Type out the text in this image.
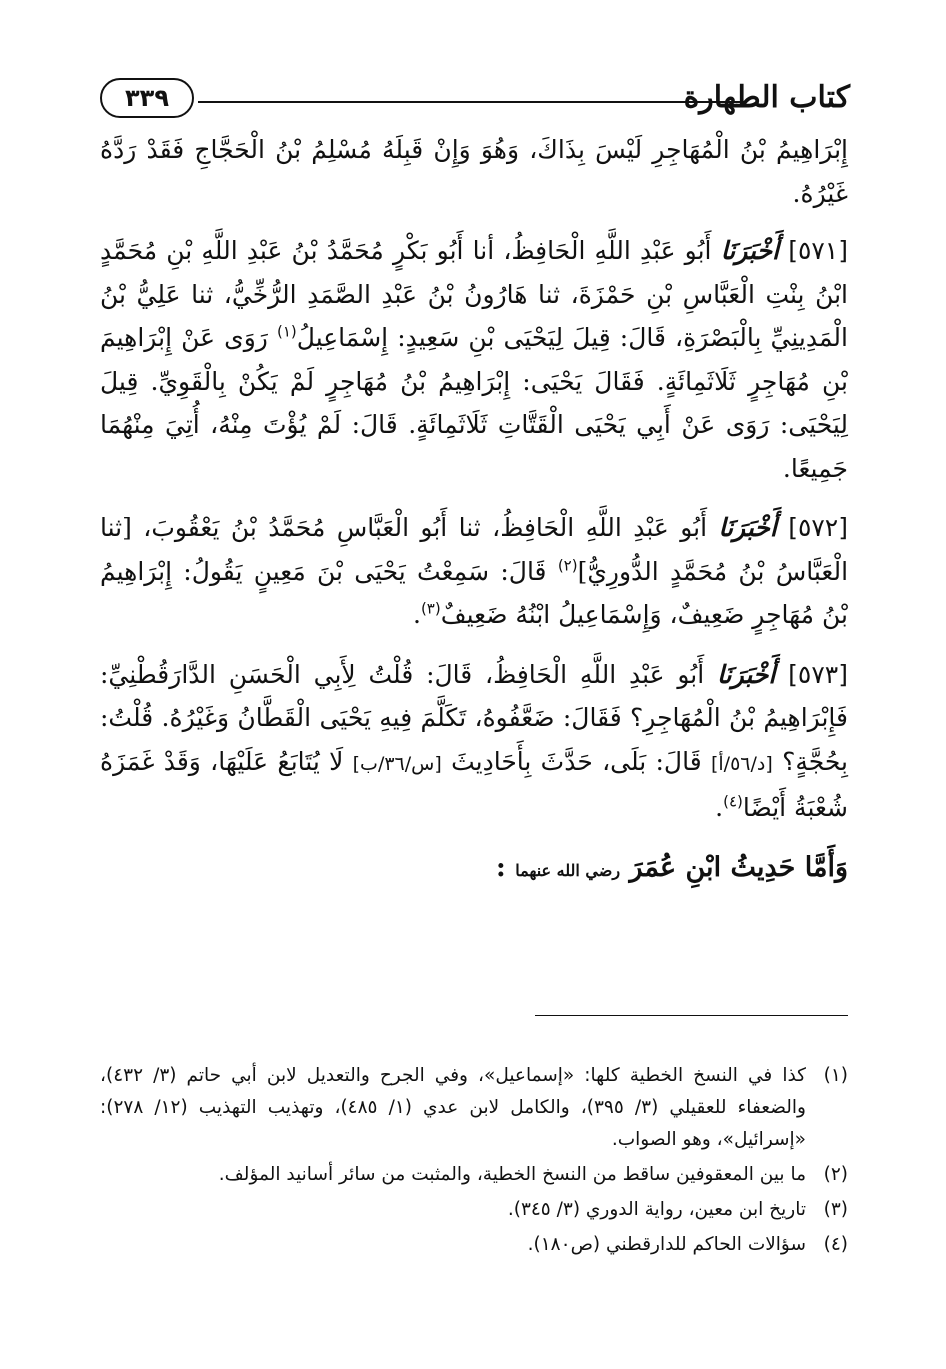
كتاب الطهارة
٣٣٩

إِبْرَاهِيمُ بْنُ الْمُهَاجِرِ لَيْسَ بِذَاكَ، وَهُوَ وَإِنْ قَبِلَهُ مُسْلِمُ بْنُ الْحَجَّاجِ فَقَدْ رَدَّهُ غَيْرُهُ.

[٥٧١] أَخْبَرَنَا أَبُو عَبْدِ اللَّهِ الْحَافِظُ، أنا أَبُو بَكْرٍ مُحَمَّدُ بْنُ عَبْدِ اللَّهِ بْنِ مُحَمَّدٍ ابْنُ بِنْتِ الْعَبَّاسِ بْنِ حَمْزَةَ، ثنا هَارُونُ بْنُ عَبْدِ الصَّمَدِ الرُّخِّيُّ، ثنا عَلِيُّ بْنُ الْمَدِينِيِّ بِالْبَصْرَةِ، قَالَ: قِيلَ لِيَحْيَى بْنِ سَعِيدٍ: إِسْمَاعِيلُ$^{(١)}$ رَوَى عَنْ إِبْرَاهِيمَ بْنِ مُهَاجِرٍ ثَلَاثَمِائَةٍ. فَقَالَ يَحْيَى: إِبْرَاهِيمُ بْنُ مُهَاجِرٍ لَمْ يَكُنْ بِالْقَوِيِّ. قِيلَ لِيَحْيَى: رَوَى عَنْ أَبِي يَحْيَى الْقَتَّاتِ ثَلَاثَمِائَةٍ. قَالَ: لَمْ يُؤْتَ مِنْهُ، أُتِيَ مِنْهُمَا جَمِيعًا.

[٥٧٢] أَخْبَرَنَا أَبُو عَبْدِ اللَّهِ الْحَافِظُ، ثنا أَبُو الْعَبَّاسِ مُحَمَّدُ بْنُ يَعْقُوبَ، [ثنا الْعَبَّاسُ بْنُ مُحَمَّدٍ الدُّورِيُّ]$^{(٢)}$ قَالَ: سَمِعْتُ يَحْيَى بْنَ مَعِينٍ يَقُولُ: إِبْرَاهِيمُ بْنُ مُهَاجِرٍ ضَعِيفٌ، وَإِسْمَاعِيلُ ابْنُهُ ضَعِيفٌ$^{(٣)}$.

[٥٧٣] أَخْبَرَنَا أَبُو عَبْدِ اللَّهِ الْحَافِظُ، قَالَ: قُلْتُ لِأَبِي الْحَسَنِ الدَّارَقُطْنِيِّ: فَإِبْرَاهِيمُ بْنُ الْمُهَاجِرِ؟ فَقَالَ: ضَعَّفُوهُ، تَكَلَّمَ فِيهِ يَحْيَى الْقَطَّانُ وَغَيْرُهُ. قُلْتُ: بِحُجَّةٍ؟ [د/٥٦/أ] قَالَ: بَلَى، حَدَّثَ بِأَحَادِيثَ [س/٣٦/ب] لَا يُتَابَعُ عَلَيْهَا، وَقَدْ غَمَزَهُ شُعْبَةُ أَيْضًا$^{(٤)}$.

وَأَمَّا حَدِيثُ ابْنِ عُمَرَ رضي الله عنهما :

(١)
كذا في النسخ الخطية كلها: «إسماعيل»، وفي الجرح والتعديل لابن أبي حاتم (٣/ ٤٣٢)، والضعفاء للعقيلي (٣/ ٣٩٥)، والكامل لابن عدي (١/ ٤٨٥)، وتهذيب التهذيب (١٢/ ٢٧٨): «إسرائيل»، وهو الصواب.
(٢)
ما بين المعقوفين ساقط من النسخ الخطية، والمثبت من سائر أسانيد المؤلف.
(٣)
تاريخ ابن معين، رواية الدوري (٣/ ٣٤٥).
(٤)
سؤالات الحاكم للدارقطني (ص١٨٠).
